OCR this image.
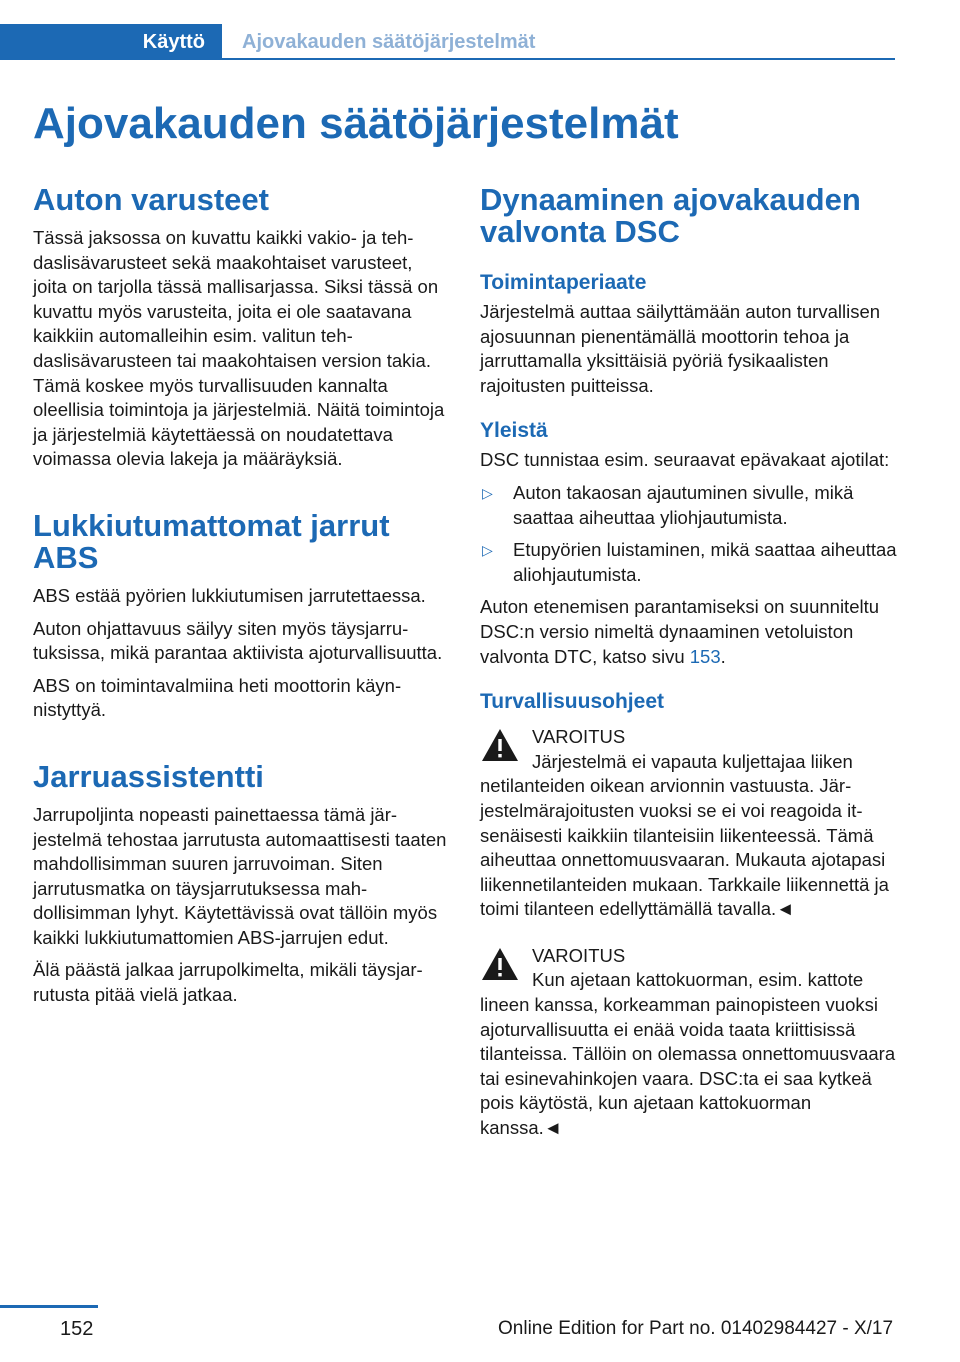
Käyttö	Ajovakauden säätöjärjestelmät
Ajovakauden säätöjärjestelmät
Auton varusteet

Tässä jaksossa on kuvattu kaikki vakio- ja tehdaslisävarusteet sekä maakohtaiset varusteet, joita on tarjolla tässä mallisarjassa. Siksi tässä on kuvattu myös varusteita, joita ei ole saatavana kaikkiin automalleihin esim. valitun tehdaslisävarusteen tai maakohtaisen version takia. Tämä koskee myös turvallisuuden kannalta oleellisia toimintoja ja järjestelmiä. Näitä toimintoja ja järjestelmiä käytettäessä on noudatettava voimassa olevia lakeja ja määräyksiä.

Lukkiutumattomat jarrut ABS

ABS estää pyörien lukkiutumisen jarrutettaessa.

Auton ohjattavuus säilyy siten myös täysjarrutuksissa, mikä parantaa aktiivista ajoturvallisuutta.

ABS on toimintavalmiina heti moottorin käynnistyttyä.

Jarruassistentti

Jarrupoljinta nopeasti painettaessa tämä järjestelmä tehostaa jarrutusta automaattisesti taaten mahdollisimman suuren jarruvoiman. Siten jarrutusmatka on täysjarrutuksessa mahdollisimman lyhyt. Käytettävissä ovat tällöin myös kaikki lukkiutumattomien ABS-jarrujen edut.

Älä päästä jalkaa jarrupolkimelta, mikäli täysjarrutusta pitää vielä jatkaa.

Dynaaminen ajovakauden valvonta DSC
Toimintaperiaate

Järjestelmä auttaa säilyttämään auton turvallisen ajosuunnan pienentämällä moottorin tehoa ja jarruttamalla yksittäisiä pyöriä fysikaalisten rajoitusten puitteissa.

Yleistä

DSC tunnistaa esim. seuraavat epävakaat ajotilat:

▷ Auton takaosan ajautuminen sivulle, mikä saattaa aiheuttaa yliohjautumista.
▷ Etupyörien luistaminen, mikä saattaa aiheuttaa aliohjautumista.

Auton etenemisen parantamiseksi on suunniteltu DSC:n versio nimeltä dynaaminen vetoluiston valvonta DTC, katso sivu 153.

Turvallisuusohjeet
VAROITUS
Järjestelmä ei vapauta kuljettajaa liiken
netilanteiden oikean arvionnin vastuusta. Järjestelmärajoitusten vuoksi se ei voi reagoida itsenäisesti kaikkiin tilanteisiin liikenteessä. Tämä aiheuttaa onnettomuusvaaran. Mukauta ajotapasi liikennetilanteiden mukaan. Tarkkaile liikennettä ja toimi tilanteen edellyttämällä tavalla.◄
VAROITUS
Kun ajetaan kattokuorman, esim. kattote
lineen kanssa, korkeamman painopisteen vuoksi ajoturvallisuutta ei enää voida taata kriittisissä tilanteissa. Tällöin on olemassa onnettomuusvaara tai esinevahinkojen vaara. DSC:ta ei saa kytkeä pois käytöstä, kun ajetaan kattokuorman kanssa.◄
152	Online Edition for Part no. 01402984427 - X/17
